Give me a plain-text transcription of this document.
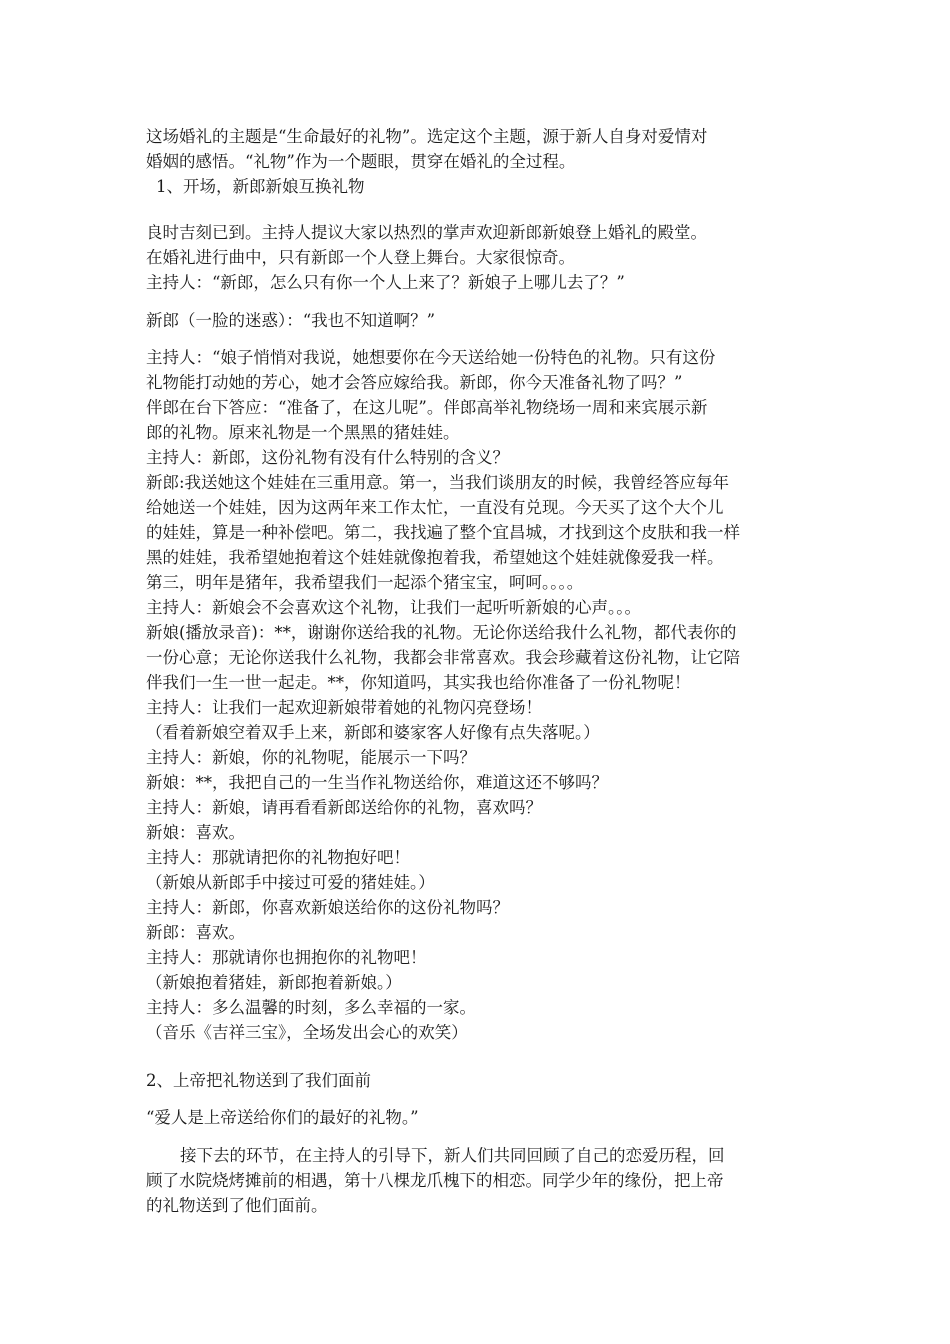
这场婚礼的主题是“生命最好的礼物”。选定这个主题，源于新人自身对爱情对
婚姻的感悟。“礼物”作为一个题眼，贯穿在婚礼的全过程。
1、开场，新郎新娘互换礼物
良时吉刻已到。主持人提议大家以热烈的掌声欢迎新郎新娘登上婚礼的殿堂。
在婚礼进行曲中，只有新郎一个人登上舞台。大家很惊奇。
主持人：“新郎，怎么只有你一个人上来了？新娘子上哪儿去了？”
新郎（一脸的迷惑）：“我也不知道啊？”
主持人：“娘子悄悄对我说，她想要你在今天送给她一份特色的礼物。只有这份
礼物能打动她的芳心，她才会答应嫁给我。新郎，你今天准备礼物了吗？”
伴郎在台下答应：“准备了，在这儿呢”。伴郎高举礼物绕场一周和来宾展示新
郎的礼物。原来礼物是一个黑黑的猪娃娃。
主持人：新郎，这份礼物有没有什么特别的含义？
新郎:我送她这个娃娃在三重用意。第一，当我们谈朋友的时候，我曾经答应每年
给她送一个娃娃，因为这两年来工作太忙，一直没有兑现。今天买了这个大个儿
的娃娃，算是一种补偿吧。第二，我找遍了整个宜昌城，才找到这个皮肤和我一样
黑的娃娃，我希望她抱着这个娃娃就像抱着我，希望她这个娃娃就像爱我一样。
第三，明年是猪年，我希望我们一起添个猪宝宝，呵呵。。。。
主持人：新娘会不会喜欢这个礼物，让我们一起听听新娘的心声。。。
新娘(播放录音)：**，谢谢你送给我的礼物。无论你送给我什么礼物，都代表你的
一份心意；无论你送我什么礼物，我都会非常喜欢。我会珍藏着这份礼物，让它陪
伴我们一生一世一起走。**，你知道吗，其实我也给你准备了一份礼物呢！
主持人：让我们一起欢迎新娘带着她的礼物闪亮登场！
（看着新娘空着双手上来，新郎和婆家客人好像有点失落呢。）
主持人：新娘，你的礼物呢，能展示一下吗？
新娘：**，我把自己的一生当作礼物送给你，难道这还不够吗？
主持人：新娘，请再看看新郎送给你的礼物，喜欢吗？
新娘：喜欢。
主持人：那就请把你的礼物抱好吧！
（新娘从新郎手中接过可爱的猪娃娃。）
主持人：新郎，你喜欢新娘送给你的这份礼物吗？
新郎：喜欢。
主持人：那就请你也拥抱你的礼物吧！
（新娘抱着猪娃，新郎抱着新娘。）
主持人：多么温馨的时刻，多么幸福的一家。
（音乐《吉祥三宝》，全场发出会心的欢笑）
2、上帝把礼物送到了我们面前
“爱人是上帝送给你们的最好的礼物。”
接下去的环节，在主持人的引导下，新人们共同回顾了自己的恋爱历程，回
顾了水院烧烤摊前的相遇，第十八棵龙爪槐下的相恋。同学少年的缘份，把上帝
的礼物送到了他们面前。
